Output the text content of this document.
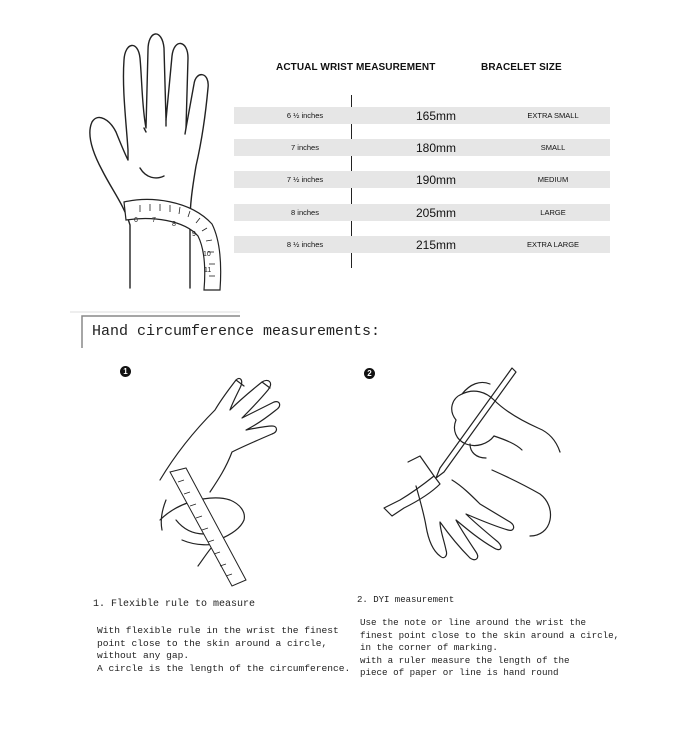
6 7
8
9
10
11
ACTUAL WRIST MEASUREMENT	BRACELET SIZE
6 ½ inches	165mm	EXTRA SMALL
7 inches	180mm	SMALL
7 ½ inches	190mm	MEDIUM
8 inches	205mm	LARGE
8 ½ inches	215mm	EXTRA LARGE
Hand circumference measurements:
1	2
1. Flexible rule to measure
With flexible rule in the wrist the finest
point close to the skin around a circle,
without any gap.
A circle is the length of the circumference.
2. DYI measurement
Use the note or line around the wrist the
finest point close to the skin around a circle,
in the corner of marking.
with a ruler measure the length of the
piece of paper or line is hand round
